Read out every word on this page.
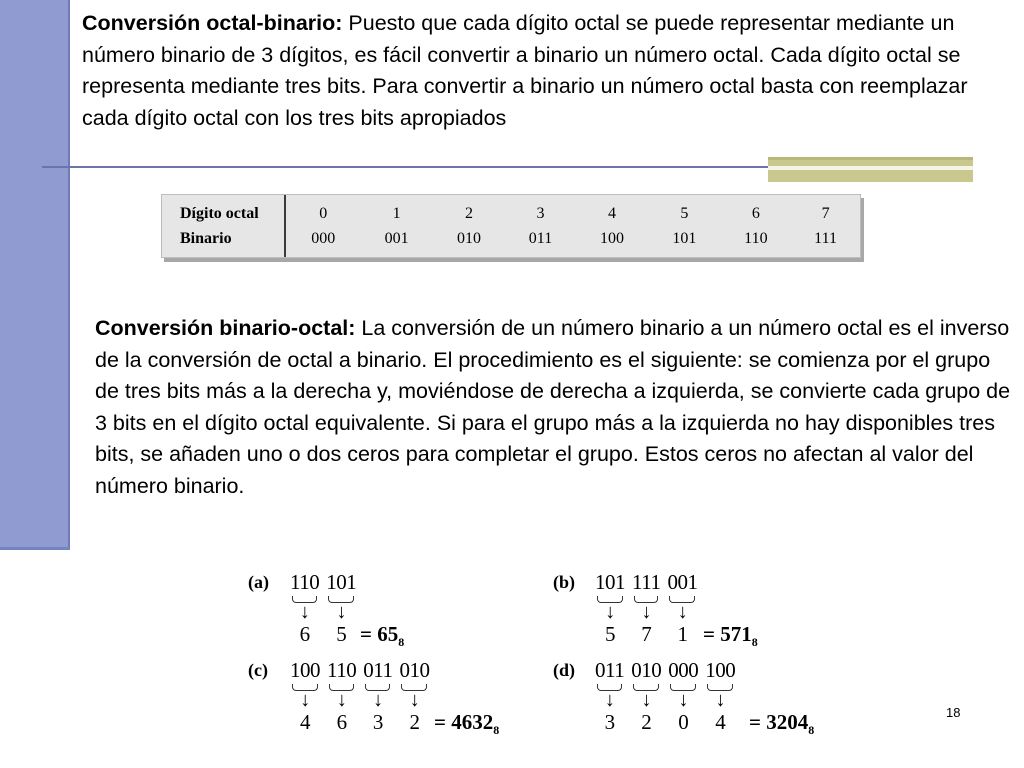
Conversión octal-binario: Puesto que cada dígito octal se puede representar mediante un número binario de 3 dígitos, es fácil convertir a binario un número octal. Cada dígito octal se representa mediante tres bits. Para convertir a binario un número octal basta con reemplazar cada dígito octal con los tres bits apropiados

Dígito octal	0	1	2	3	4	5	6	7
Binario	000	001	010	011	100	101	110	111

Conversión binario-octal: La conversión de un número binario a un número octal es el inverso de la conversión de octal a binario. El procedimiento es el siguiente: se comienza por el grupo de tres bits más a la derecha y, moviéndose de derecha a izquierda, se convierte cada grupo de 3 bits en el dígito octal equivalente. Si para el grupo más a la izquierda no hay disponibles tres bits, se añaden uno o dos ceros para completar el grupo. Estos ceros no afectan al valor del número binario.

(a) 110
↓
6
101
↓
$5 = 65_8$
(b) 101
↓
5
111
↓
7
001
↓
$1 = 571_8$
(c) 100
↓
4
110
↓
6
011
↓
3
010
↓
$2 = 4632_8$
(d) 011
↓
3
010
↓
2
000
↓
0
100
↓
$4 = 3204_8$
18
